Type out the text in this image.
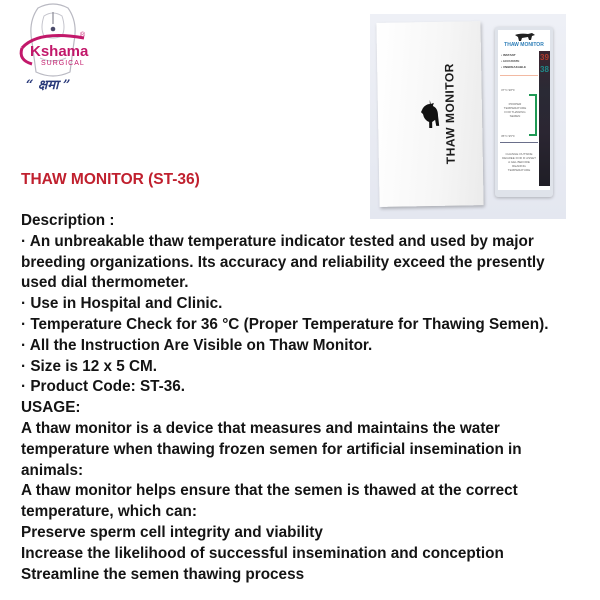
Kshama
®
SURGICAL
“ क्षमा ”	THAW MONITOR
THAW MONITOR
• INSTANT
• ACCURATE
• UNBREAKABLE
37°C 98°F
PROPER TEMPERATURE FOR THAWING SEMEN
35°C 95°F
CHANGE OUTSIDE DEGREE FOR IF ASSET A GEL BEFORE READING TEMPERATURE
39
38
THAW MONITOR (ST-36)

Description :

· An unbreakable thaw temperature indicator tested and used by major breeding organizations. Its accuracy and reliability exceed the presently used dial thermometer.

· Use in Hospital and Clinic.

· Temperature Check for 36 °C (Proper Temperature for Thawing Semen).

· All the Instruction Are Visible on Thaw Monitor.

· Size is 12 x 5 CM.

· Product Code: ST-36.

USAGE:

A thaw monitor is a device that measures and maintains the water temperature when thawing frozen semen for artificial insemination in animals:

A thaw monitor helps ensure that the semen is thawed at the correct temperature, which can:

Preserve sperm cell integrity and viability

Increase the likelihood of successful insemination and conception

Streamline the semen thawing process
